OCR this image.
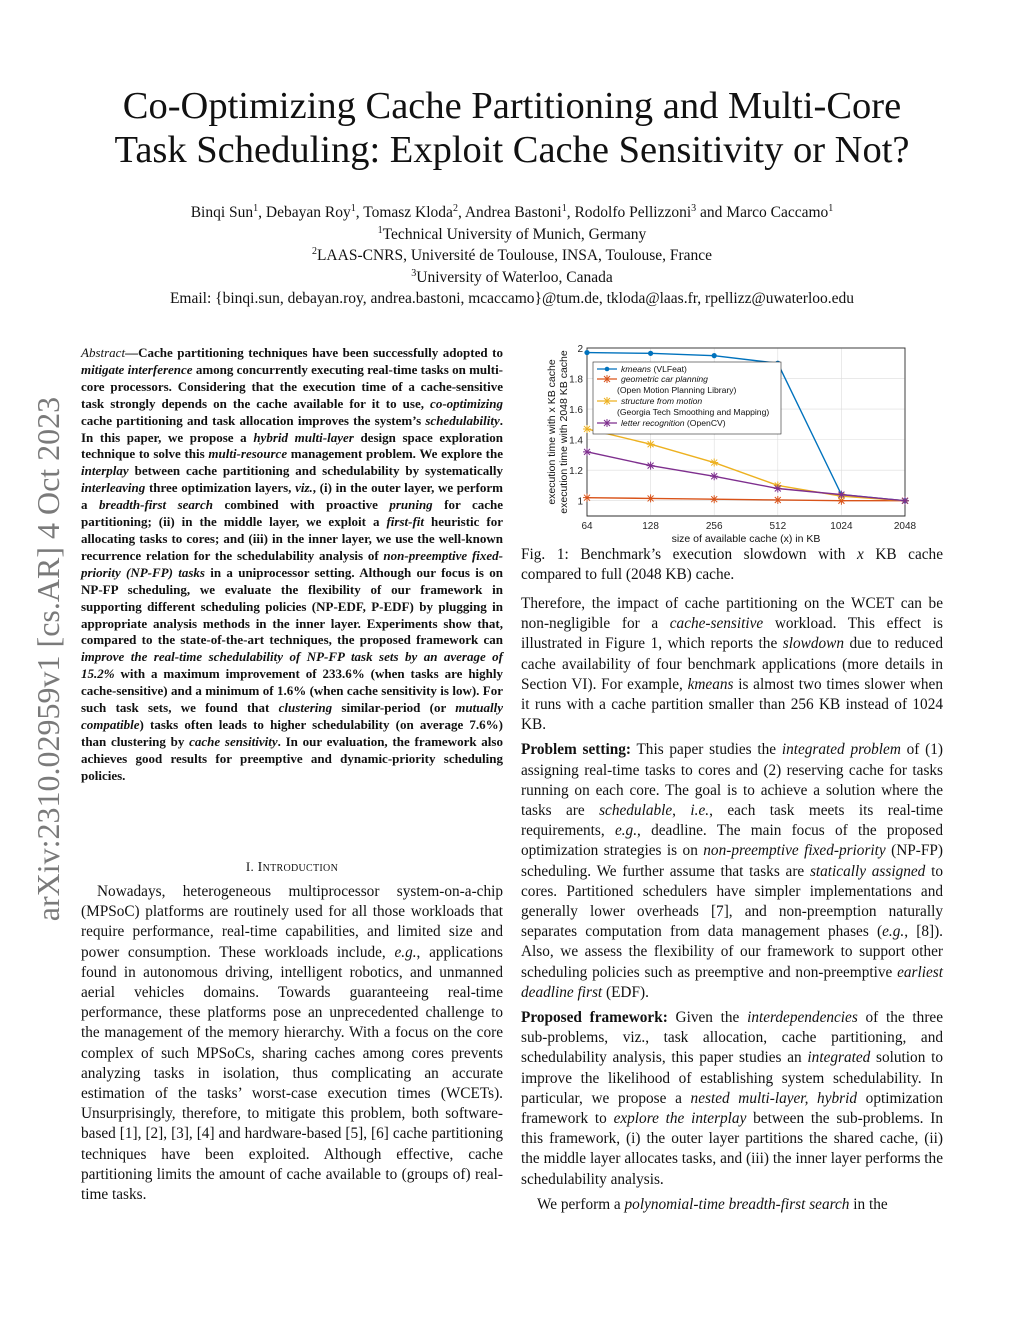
Co-Optimizing Cache Partitioning and Multi-Core
Task Scheduling: Exploit Cache Sensitivity or Not?
Binqi Sun$^1$, Debayan Roy$^1$, Tomasz Kloda$^2$, Andrea Bastoni$^1$, Rodolfo Pellizzoni$^3$ and Marco Caccamo$^1$
$^1$Technical University of Munich, Germany
$^2$LAAS-CNRS, Université de Toulouse, INSA, Toulouse, France
$^3$University of Waterloo, Canada
Email: {binqi.sun, debayan.roy, andrea.bastoni, mcaccamo}@tum.de, tkloda@laas.fr, rpellizz@uwaterloo.edu
arXiv:2310.02959v1 [cs.AR] 4 Oct 2023
Abstract—Cache partitioning techniques have been successfully adopted to mitigate interference among concurrently executing real-time tasks on multi-core processors. Considering that the execution time of a cache-sensitive task strongly depends on the cache available for it to use, co-optimizing cache partitioning and task allocation improves the system’s schedulability. In this paper, we propose a hybrid multi-layer design space exploration technique to solve this multi-resource management problem. We explore the interplay between cache partitioning and schedulability by systematically interleaving three optimization layers, viz., (i) in the outer layer, we perform a breadth-first search combined with proactive pruning for cache partitioning; (ii) in the middle layer, we exploit a first-fit heuristic for allocating tasks to cores; and (iii) in the inner layer, we use the well-known recurrence relation for the schedulability analysis of non-preemptive fixed-priority (NP-FP) tasks in a uniprocessor setting. Although our focus is on NP-FP scheduling, we evaluate the flexibility of our framework in supporting different scheduling policies (NP-EDF, P-EDF) by plugging in appropriate analysis methods in the inner layer. Experiments show that, compared to the state-of-the-art techniques, the proposed framework can improve the real-time schedulability of NP-FP task sets by an average of 15.2% with a maximum improvement of 233.6% (when tasks are highly cache-sensitive) and a minimum of 1.6% (when cache sensitivity is low). For such task sets, we found that clustering similar-period (or mutually compatible) tasks often leads to higher schedulability (on average 7.6%) than clustering by cache sensitivity. In our evaluation, the framework also achieves good results for preemptive and dynamic-priority scheduling policies.
I. Introduction

Nowadays, heterogeneous multiprocessor system-on-a-chip (MPSoC) platforms are routinely used for all those workloads that require performance, real-time capabilities, and limited size and power consumption. These workloads include, e.g., applications found in autonomous driving, intelligent robotics, and unmanned aerial vehicles domains. Towards guaranteeing real-time performance, these platforms pose an unprecedented challenge to the management of the memory hierarchy. With a focus on the core complex of such MPSoCs, sharing caches among cores prevents analyzing tasks in isolation, thus complicating an accurate estimation of the tasks’ worst-case execution times (WCETs). Unsurprisingly, therefore, to mitigate this problem, both software-based [1], [2], [3], [4] and hardware-based [5], [6] cache partitioning techniques have been exploited. Although effective, cache partitioning limits the amount of cache available to (groups of) real-time tasks.

1
1.2
1.4
1.6
1.8
2
64	128	256	512	1024	2048
size of available cache (x) in KB
execution time with x KB cache execution time with 2048 KB cache	kmeans (VLFeat)
geometric car planning
(Open Motion Planning Library)
structure from motion
(Georgia Tech Smoothing and Mapping)
letter recognition (OpenCV)
Fig. 1: Benchmark’s execution slowdown with x KB cache compared to full (2048 KB) cache.

Therefore, the impact of cache partitioning on the WCET can be non-negligible for a cache-sensitive workload. This effect is illustrated in Figure 1, which reports the slowdown due to reduced cache availability of four benchmark applications (more details in Section VI). For example, kmeans is almost two times slower when it runs with a cache partition smaller than 256 KB instead of 1024 KB.

Problem setting: This paper studies the integrated problem of (1) assigning real-time tasks to cores and (2) reserving cache for tasks running on each core. The goal is to achieve a solution where the tasks are schedulable, i.e., each task meets its real-time requirements, e.g., deadline. The main focus of the proposed optimization strategies is on non-preemptive fixed-priority (NP-FP) scheduling. We further assume that tasks are statically assigned to cores. Partitioned schedulers have simpler implementations and generally lower overheads [7], and non-preemption naturally separates computation from data management phases (e.g., [8]). Also, we assess the flexibility of our framework to support other scheduling policies such as preemptive and non-preemptive earliest deadline first (EDF).

Proposed framework: Given the interdependencies of the three sub-problems, viz., task allocation, cache partitioning, and schedulability analysis, this paper studies an integrated solution to improve the likelihood of establishing system schedulability. In particular, we propose a nested multi-layer, hybrid optimization framework to explore the interplay between the sub-problems. In this framework, (i) the outer layer partitions the shared cache, (ii) the middle layer allocates tasks, and (iii) the inner layer performs the schedulability analysis.

We perform a polynomial-time breadth-first search in the
